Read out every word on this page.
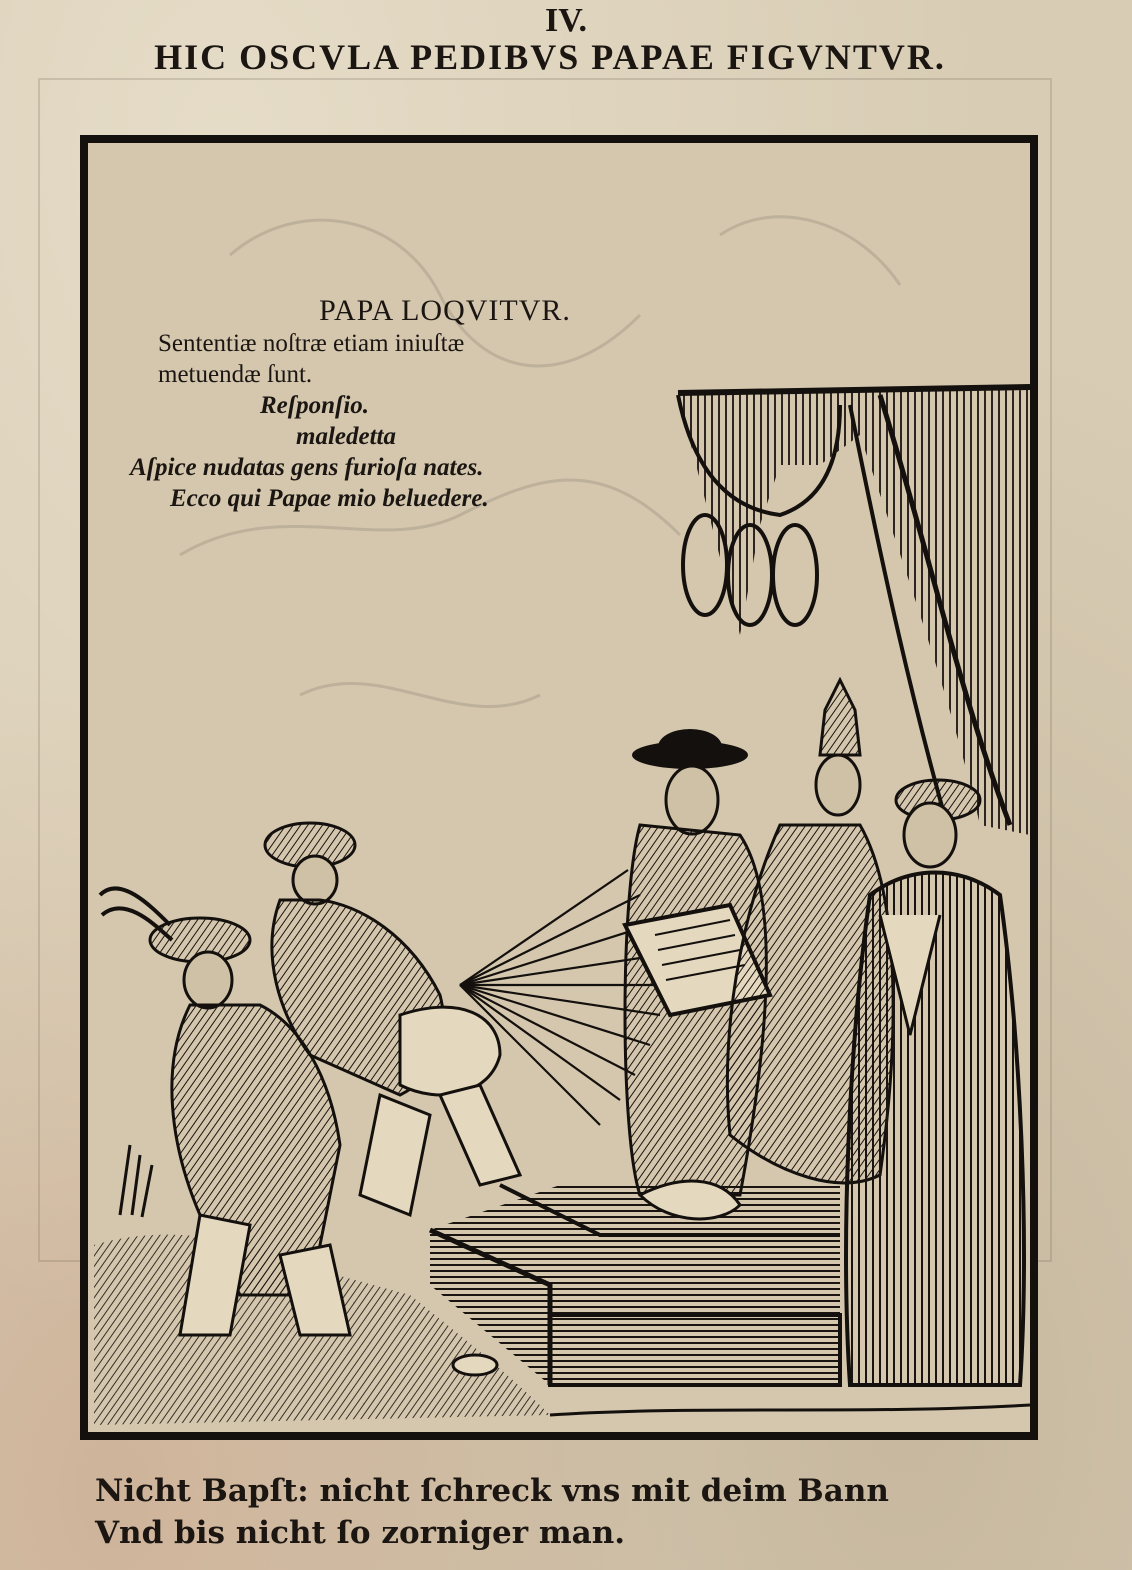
IV.
HIC OSCVLA PEDIBVS PAPAE FIGVNTVR.
PAPA LOQVITVR.
Sententiæ noſtræ etiam iniuſtæ
metuendæ ſunt.
Reſponſio.
maledetta
Aſpice nudatas gens furioſa nates.
Ecco qui Papae mio beluedere.
Nicht Bapſt: nicht ſchreck vns mit deim Bann
Vnd bis nicht ſo zorniger man.
